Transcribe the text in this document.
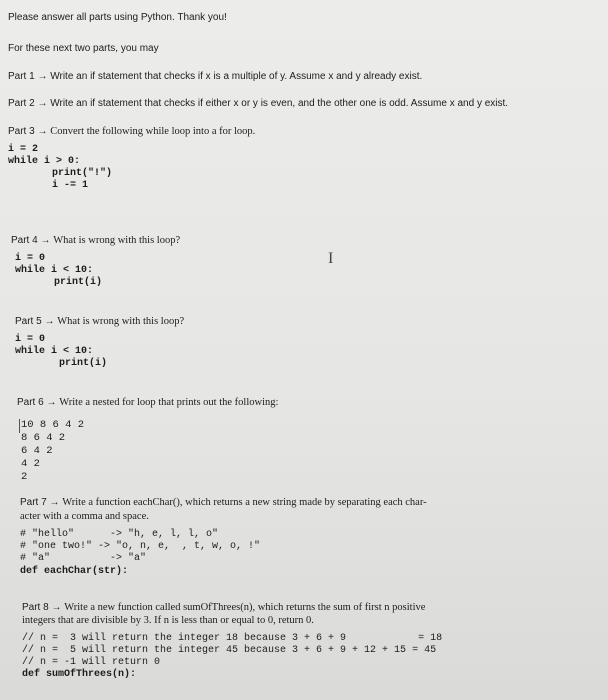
Please answer all parts using Python. Thank you!
For these next two parts, you may
Part 1 → Write an if statement that checks if x is a multiple of y. Assume x and y already exist.
Part 2 → Write an if statement that checks if either x or y is even, and the other one is odd. Assume x and y exist.
Part 3 → Convert the following while loop into a for loop.
i = 2
while i > 0:
print("!")
i -= 1
Part 4 → What is wrong with this loop?
i = 0
while i < 10:
print(i)
I
Part 5 → What is wrong with this loop?
i = 0
while i < 10:
print(i)
Part 6 → Write a nested for loop that prints out the following:
10 8 6 4 2
8 6 4 2
6 4 2
4 2
2
Part 7 → Write a function eachChar(), which returns a new string made by separating each char-
acter with a comma and space.
# "hello"      -> "h, e, l, l, o"
# "one two!" -> "o, n, e,  , t, w, o, !"
# "a"          -> "a"
def eachChar(str):
Part 8 → Write a new function called sumOfThrees(n), which returns the sum of first n positive
integers that are divisible by 3. If n is less than or equal to 0, return 0.
// n =  3 will return the integer 18 because 3 + 6 + 9            = 18
// n =  5 will return the integer 45 because 3 + 6 + 9 + 12 + 15 = 45
// n = -1 will return 0
def sumOfThrees(n):
